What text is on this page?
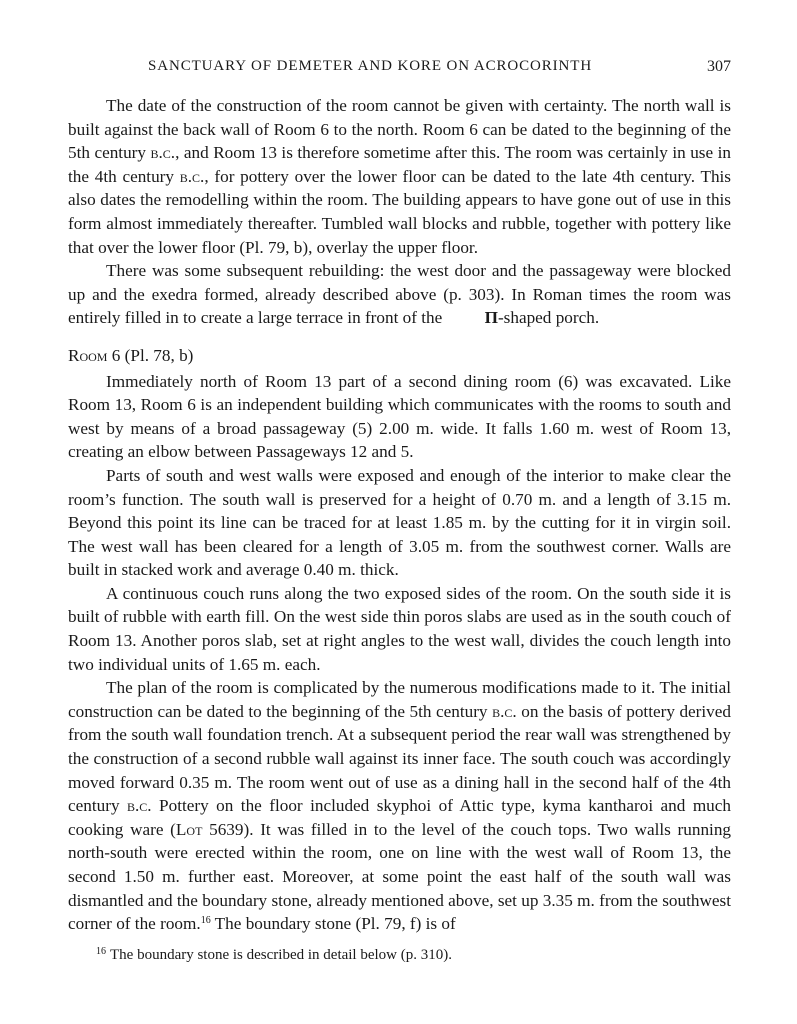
SANCTUARY OF DEMETER AND KORE ON ACROCORINTH	307

The date of the construction of the room cannot be given with certainty. The north wall is built against the back wall of Room 6 to the north. Room 6 can be dated to the beginning of the 5th century b.c., and Room 13 is therefore sometime after this. The room was certainly in use in the 4th century b.c., for pottery over the lower floor can be dated to the late 4th century. This also dates the remodelling within the room. The building appears to have gone out of use in this form almost immediately thereafter. Tumbled wall blocks and rubble, together with pottery like that over the lower floor (Pl. 79, b), overlay the upper floor.

There was some subsequent rebuilding: the west door and the passageway were blocked up and the exedra formed, already described above (p. 303). In Roman times the room was entirely filled in to create a large terrace in front of the Π-shaped porch.

Room 6 (Pl. 78, b)

Immediately north of Room 13 part of a second dining room (6) was excavated. Like Room 13, Room 6 is an independent building which communicates with the rooms to south and west by means of a broad passageway (5) 2.00 m. wide. It falls 1.60 m. west of Room 13, creating an elbow between Passageways 12 and 5.

Parts of south and west walls were exposed and enough of the interior to make clear the room’s function. The south wall is preserved for a height of 0.70 m. and a length of 3.15 m. Beyond this point its line can be traced for at least 1.85 m. by the cutting for it in virgin soil. The west wall has been cleared for a length of 3.05 m. from the southwest corner. Walls are built in stacked work and average 0.40 m. thick.

A continuous couch runs along the two exposed sides of the room. On the south side it is built of rubble with earth fill. On the west side thin poros slabs are used as in the south couch of Room 13. Another poros slab, set at right angles to the west wall, divides the couch length into two individual units of 1.65 m. each.

The plan of the room is complicated by the numerous modifications made to it. The initial construction can be dated to the beginning of the 5th century b.c. on the basis of pottery derived from the south wall foundation trench. At a subsequent period the rear wall was strengthened by the construction of a second rubble wall against its inner face. The south couch was accordingly moved forward 0.35 m. The room went out of use as a dining hall in the second half of the 4th century b.c. Pottery on the floor included skyphoi of Attic type, kyma kantharoi and much cooking ware (Lot 5639). It was filled in to the level of the couch tops. Two walls running north-south were erected within the room, one on line with the west wall of Room 13, the second 1.50 m. further east. Moreover, at some point the east half of the south wall was dismantled and the boundary stone, already mentioned above, set up 3.35 m. from the southwest corner of the room.$^{16}$ The boundary stone (Pl. 79, f) is of

$^{16}$ The boundary stone is described in detail below (p. 310).
